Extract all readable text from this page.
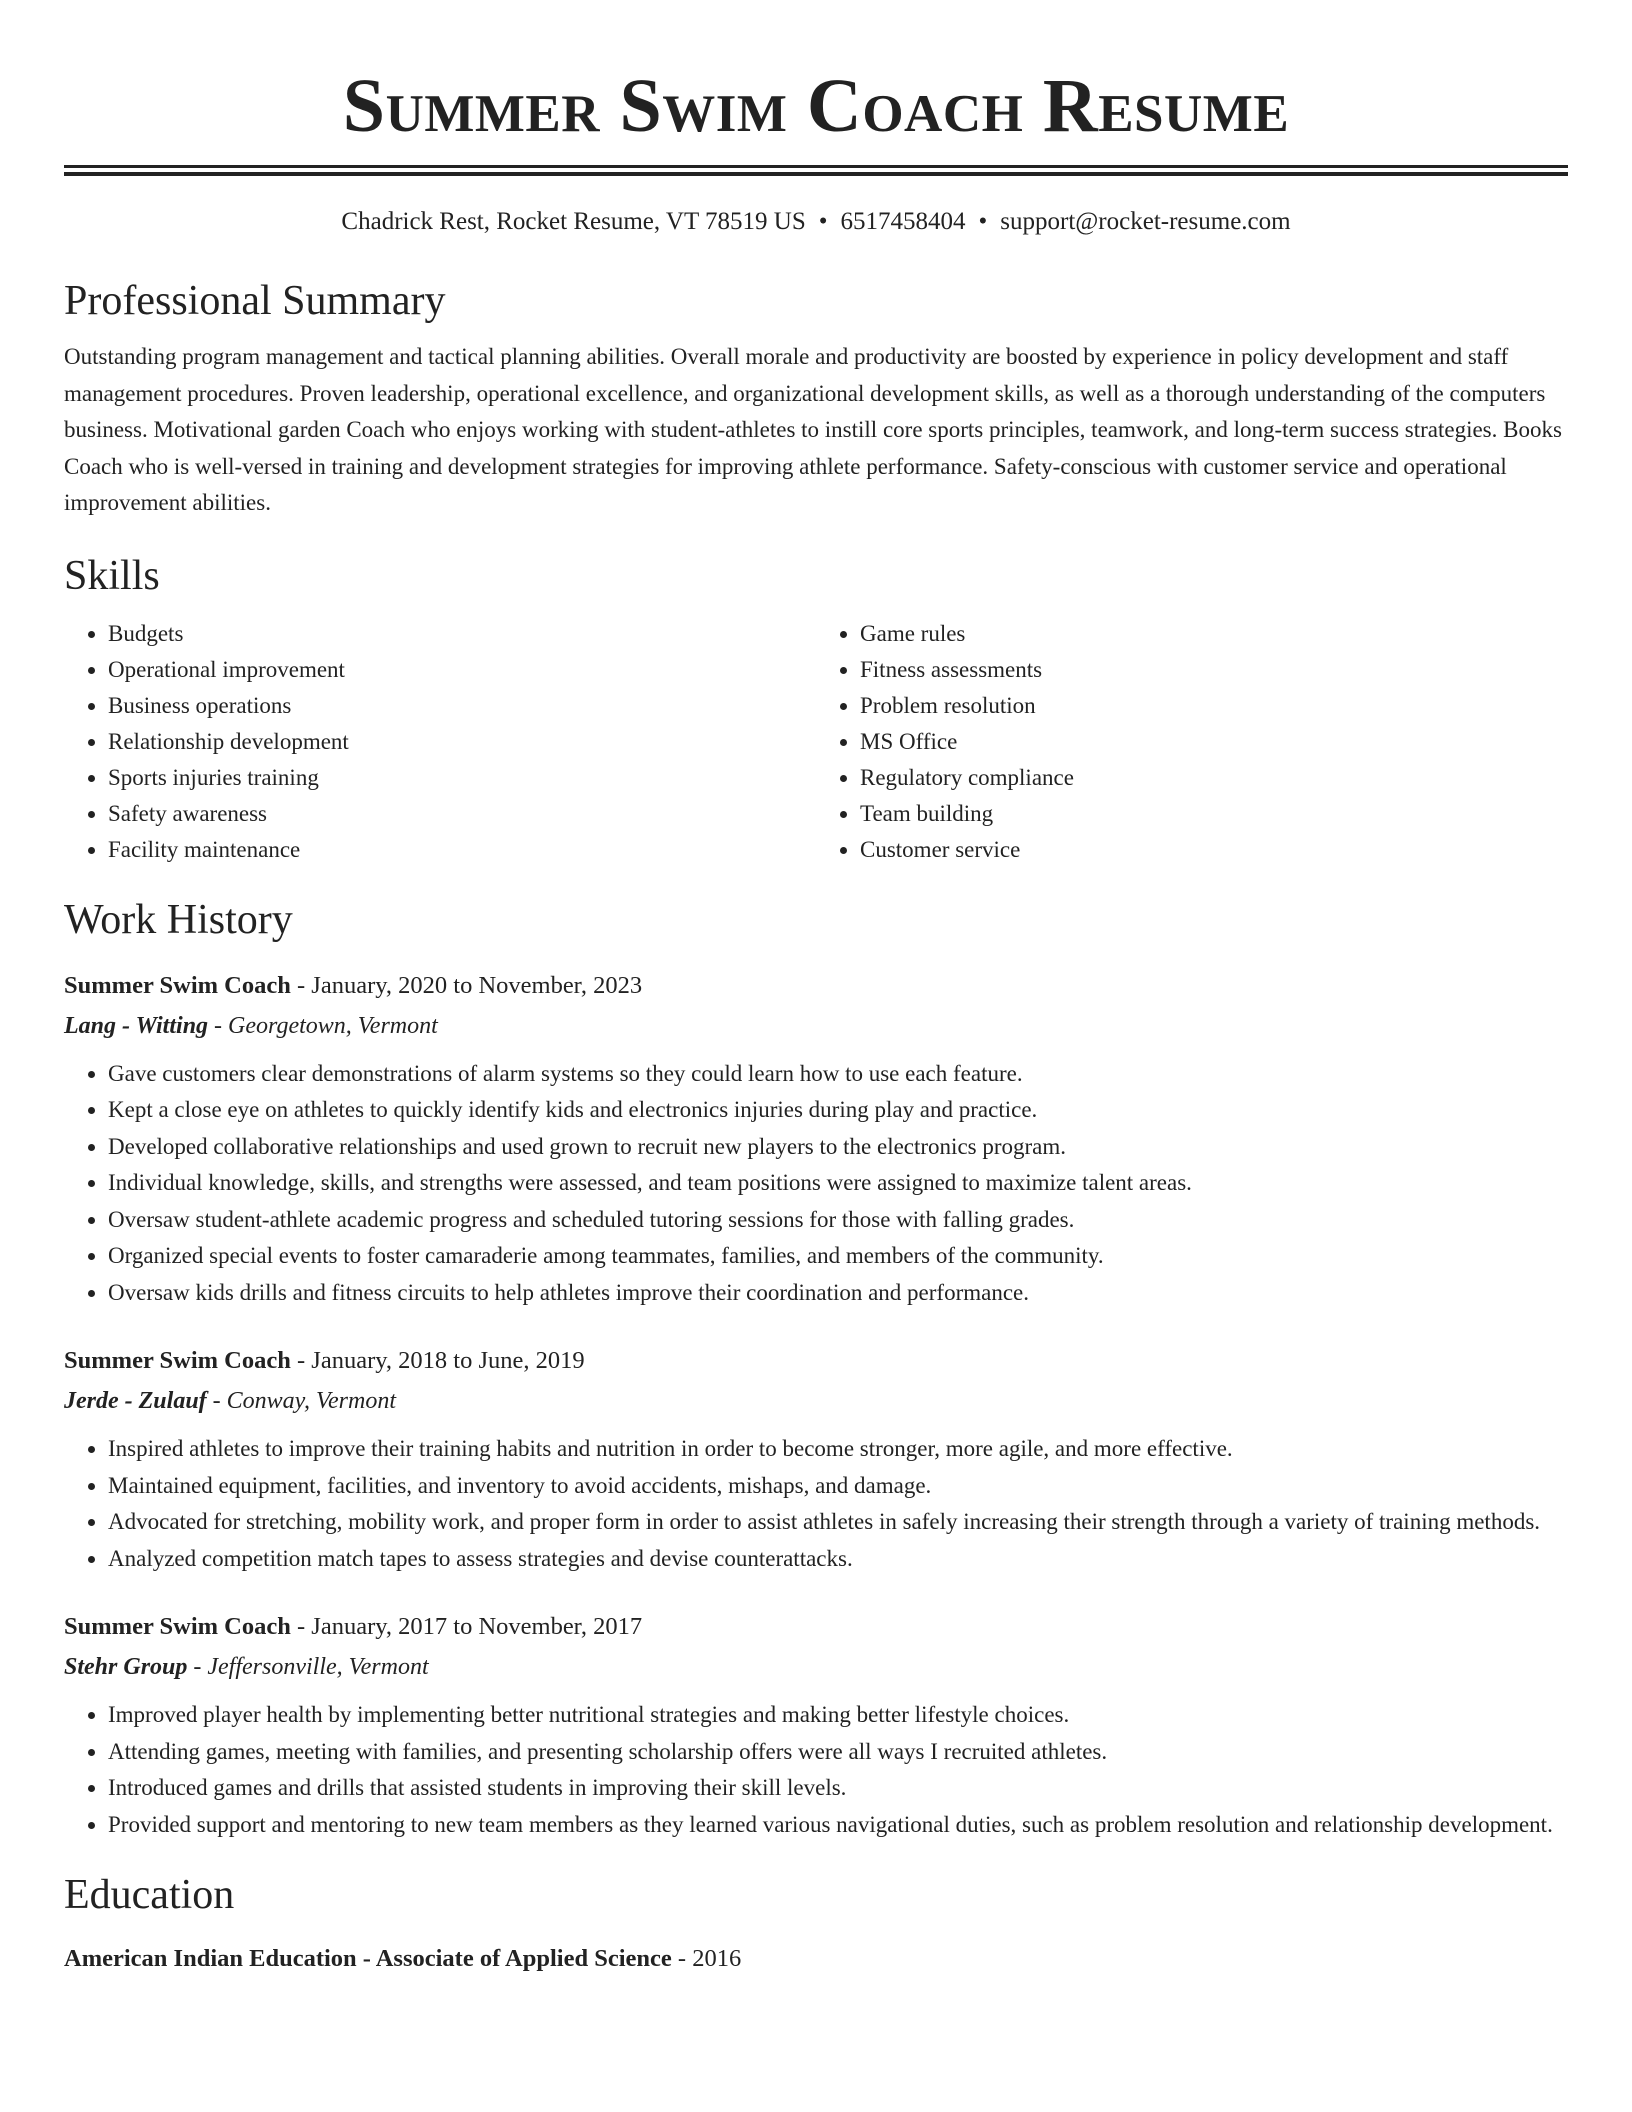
Summer Swim Coach Resume
Chadrick Rest, Rocket Resume, VT 78519 US • 6517458404 • support@rocket-resume.com
Professional Summary

Outstanding program management and tactical planning abilities. Overall morale and productivity are boosted by experience in policy development and staff management procedures. Proven leadership, operational excellence, and organizational development skills, as well as a thorough understanding of the computers business. Motivational garden Coach who enjoys working with student-athletes to instill core sports principles, teamwork, and long-term success strategies. Books Coach who is well-versed in training and development strategies for improving athlete performance. Safety-conscious with customer service and operational improvement abilities.

Skills
• Budgets
• Operational improvement
• Business operations
• Relationship development
• Sports injuries training
• Safety awareness
• Facility maintenance
• Game rules
• Fitness assessments
• Problem resolution
• MS Office
• Regulatory compliance
• Team building
• Customer service
Work History
Summer Swim Coach - January, 2020 to November, 2023
Lang - Witting - Georgetown, Vermont
• Gave customers clear demonstrations of alarm systems so they could learn how to use each feature.
• Kept a close eye on athletes to quickly identify kids and electronics injuries during play and practice.
• Developed collaborative relationships and used grown to recruit new players to the electronics program.
• Individual knowledge, skills, and strengths were assessed, and team positions were assigned to maximize talent areas.
• Oversaw student-athlete academic progress and scheduled tutoring sessions for those with falling grades.
• Organized special events to foster camaraderie among teammates, families, and members of the community.
• Oversaw kids drills and fitness circuits to help athletes improve their coordination and performance.
Summer Swim Coach - January, 2018 to June, 2019
Jerde - Zulauf - Conway, Vermont
• Inspired athletes to improve their training habits and nutrition in order to become stronger, more agile, and more effective.
• Maintained equipment, facilities, and inventory to avoid accidents, mishaps, and damage.
• Advocated for stretching, mobility work, and proper form in order to assist athletes in safely increasing their strength through a variety of training methods.
• Analyzed competition match tapes to assess strategies and devise counterattacks.
Summer Swim Coach - January, 2017 to November, 2017
Stehr Group - Jeffersonville, Vermont
• Improved player health by implementing better nutritional strategies and making better lifestyle choices.
• Attending games, meeting with families, and presenting scholarship offers were all ways I recruited athletes.
• Introduced games and drills that assisted students in improving their skill levels.
• Provided support and mentoring to new team members as they learned various navigational duties, such as problem resolution and relationship development.
Education
American Indian Education - Associate of Applied Science - 2016
